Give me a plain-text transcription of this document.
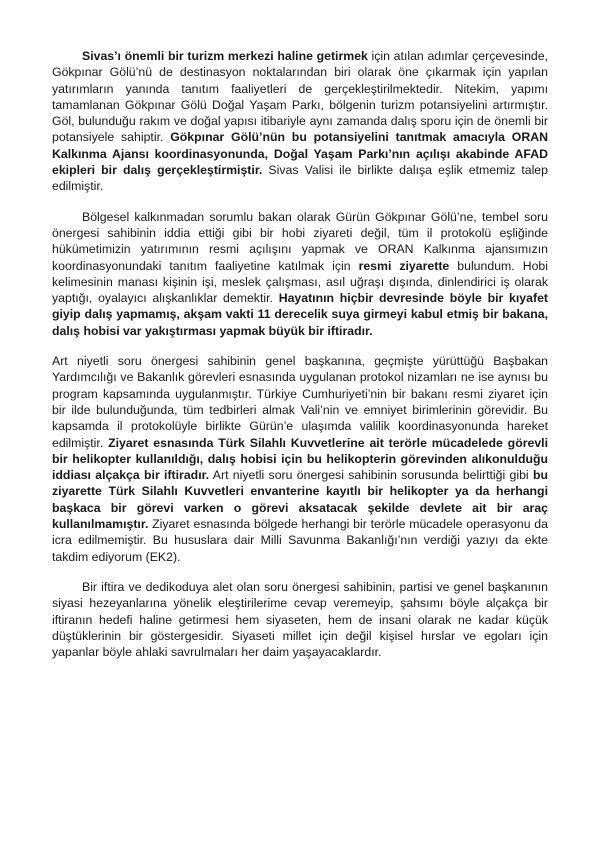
Sivas’ı önemli bir turizm merkezi haline getirmek için atılan adımlar çerçevesinde, Gökpınar Gölü’nü de destinasyon noktalarından biri olarak öne çıkarmak için yapılan yatırımların yanında tanıtım faaliyetleri de gerçekleştirilmektedir. Nitekim, yapımı tamamlanan Gökpınar Gölü Doğal Yaşam Parkı, bölgenin turizm potansiyelini artırmıştır. Göl, bulunduğu rakım ve doğal yapısı itibariyle aynı zamanda dalış sporu için de önemli bir potansiyele sahiptir. Gökpınar Gölü’nün bu potansiyelini tanıtmak amacıyla ORAN Kalkınma Ajansı koordinasyonunda, Doğal Yaşam Parkı’nın açılışı akabinde AFAD ekipleri bir dalış gerçekleştirmiştir. Sivas Valisi ile birlikte dalışa eşlik etmemiz talep edilmiştir.

Bölgesel kalkınmadan sorumlu bakan olarak Gürün Gökpınar Gölü’ne, tembel soru önergesi sahibinin iddia ettiği gibi bir hobi ziyareti değil, tüm il protokolü eşliğinde hükümetimizin yatırımının resmi açılışını yapmak ve ORAN Kalkınma ajansımızın koordinasyonundaki tanıtım faaliyetine katılmak için resmi ziyarette bulundum. Hobi kelimesinin manası kişinin işi, meslek çalışması, asıl uğraşı dışında, dinlendirici iş olarak yaptığı, oyalayıcı alışkanlıklar demektir. Hayatının hiçbir devresinde böyle bir kıyafet giyip dalış yapmamış, akşam vakti 11 derecelik suya girmeyi kabul etmiş bir bakana, dalış hobisi var yakıştırması yapmak büyük bir iftiradır.

Art niyetli soru önergesi sahibinin genel başkanına, geçmişte yürüttüğü Başbakan Yardımcılığı ve Bakanlık görevleri esnasında uygulanan protokol nizamları ne ise aynısı bu program kapsamında uygulanmıştır. Türkiye Cumhuriyeti’nin bir bakanı resmi ziyaret için bir ilde bulunduğunda, tüm tedbirleri almak Vali’nin ve emniyet birimlerinin görevidir. Bu kapsamda il protokolüyle birlikte Gürün’e ulaşımda valilik koordinasyonunda hareket edilmiştir. Ziyaret esnasında Türk Silahlı Kuvvetlerine ait terörle mücadelede görevli bir helikopter kullanıldığı, dalış hobisi için bu helikopterin görevinden alıkonulduğu iddiası alçakça bir iftiradır. Art niyetli soru önergesi sahibinin sorusunda belirttiği gibi bu ziyarette Türk Silahlı Kuvvetleri envanterine kayıtlı bir helikopter ya da herhangi başkaca bir görevi varken o görevi aksatacak şekilde devlete ait bir araç kullanılmamıştır. Ziyaret esnasında bölgede herhangi bir terörle mücadele operasyonu da icra edilmemiştir. Bu hususlara dair Milli Savunma Bakanlığı’nın verdiği yazıyı da ekte takdim ediyorum (EK2).

Bir iftira ve dedikoduya alet olan soru önergesi sahibinin, partisi ve genel başkanının siyasi hezeyanlarına yönelik eleştirilerime cevap veremeyip, şahsımı böyle alçakça bir iftiranın hedefi haline getirmesi hem siyaseten, hem de insani olarak ne kadar küçük düştüklerinin bir göstergesidir. Siyaseti millet için değil kişisel hırslar ve egoları için yapanlar böyle ahlaki savrulmaları her daim yaşayacaklardır.
